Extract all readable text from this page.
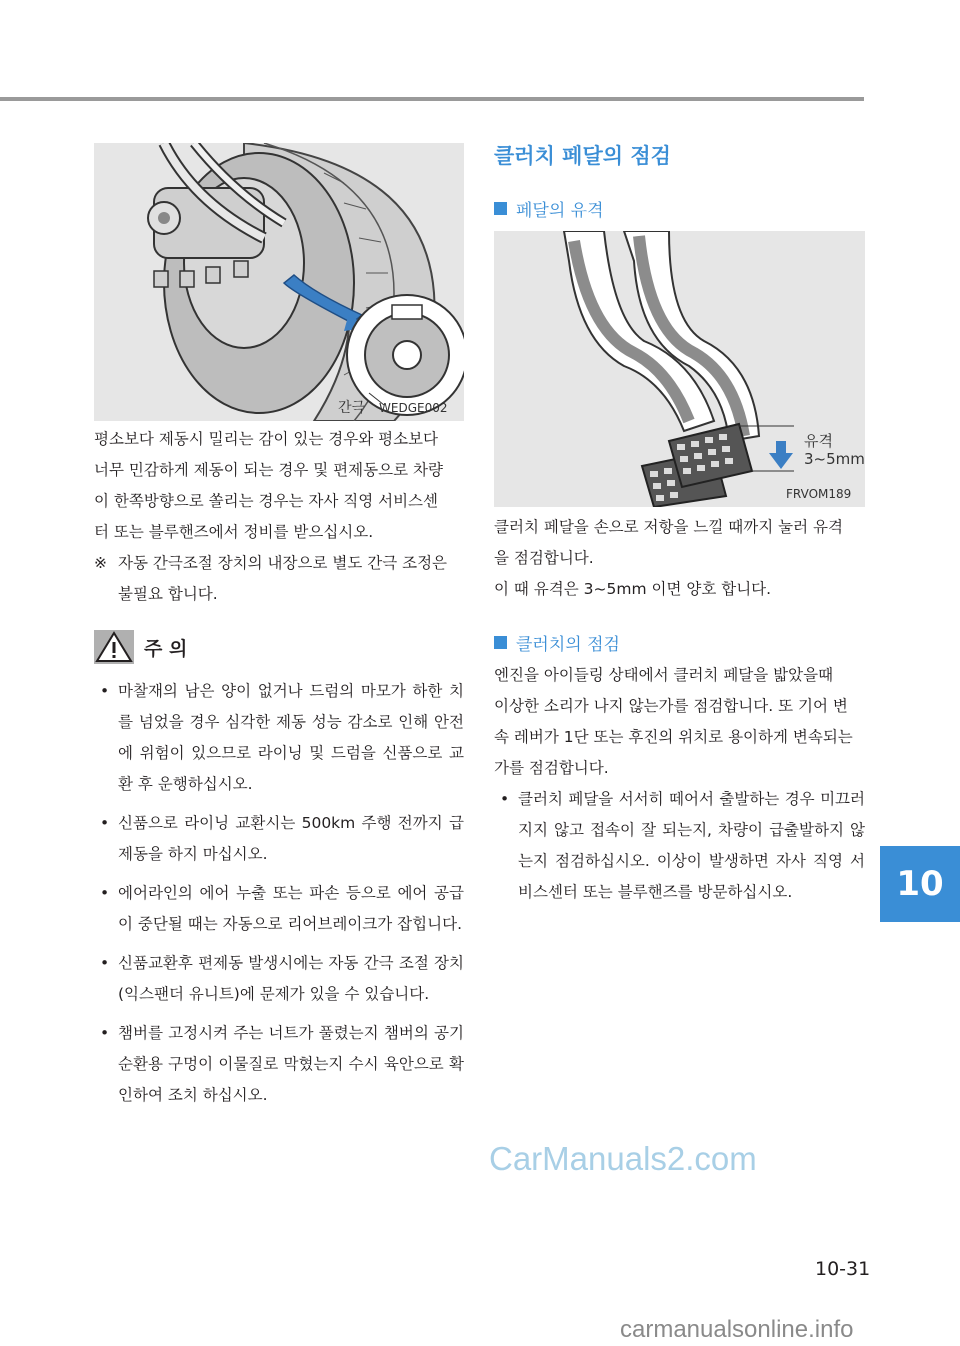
간극 WEDGE002

평소보다 제동시 밀리는 감이 있는 경우와 평소보다

너무 민감하게 제동이 되는 경우 및 편제동으로 차량

이 한쪽방향으로 쏠리는 경우는 자사 직영 서비스센

터 또는 블루핸즈에서 정비를 받으십시오.

※ 자동 간극조절 장치의 내장으로 별도 간극 조정은
불필요 합니다.
주 의
• 마찰재의 남은 양이 없거나 드럼의 마모가 하한 치를 넘었을 경우 심각한 제동 성능 감소로 인해 안전에 위험이 있으므로 라이닝 및 드럼을 신품으로 교환 후 운행하십시오.
• 신품으로 라이닝 교환시는 500km 주행 전까지 급제동을 하지 마십시오.
• 에어라인의 에어 누출 또는 파손 등으로 에어 공급이 중단될 때는 자동으로 리어브레이크가 잡힙니다.
• 신품교환후 편제동 발생시에는 자동 간극 조절 장치(익스팬더 유니트)에 문제가 있을 수 있습니다.
• 챔버를 고정시켜 주는 너트가 풀렸는지 챔버의 공기순환용 구멍이 이물질로 막혔는지 수시 육안으로 확인하여 조치 하십시오.
클러치 페달의 점검
페달의 유격
유격
3~5mm
FRVOM189

클러치 페달을 손으로 저항을 느낄 때까지 눌러 유격

을 점검합니다.

이 때 유격은 3~5mm 이면 양호 합니다.

클러치의 점검

엔진을 아이들링 상태에서 클러치 페달을 밟았을때

이상한 소리가 나지 않는가를 점검합니다. 또 기어 변

속 레버가 1단 또는 후진의 위치로 용이하게 변속되는

가를 점검합니다.

• 클러치 페달을 서서히 떼어서 출발하는 경우 미끄러지지 않고 접속이 잘 되는지, 차량이 급출발하지 않는지 점검하십시오. 이상이 발생하면 자사 직영 서비스센터 또는 블루핸즈를 방문하십시오.	10
CarManuals2.com
10-31
carmanualsonline.info
